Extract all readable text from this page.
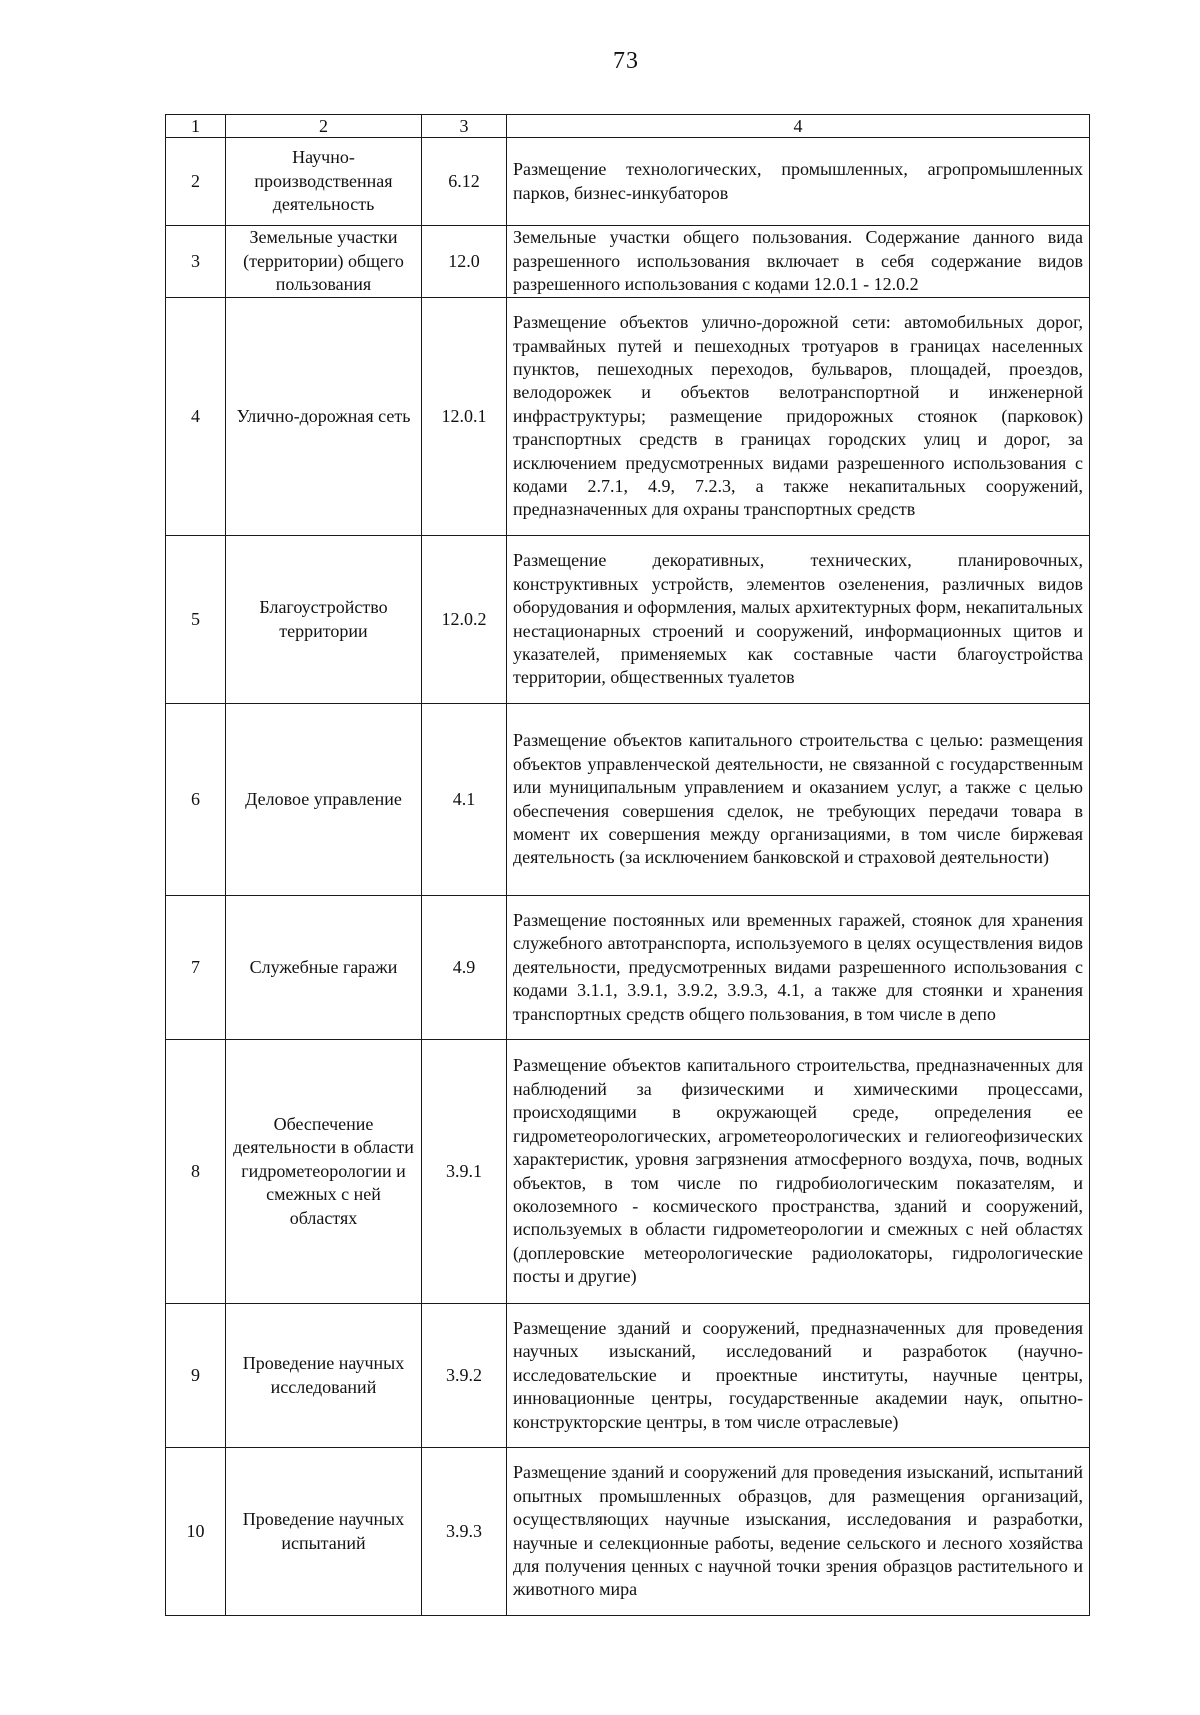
73
1	2	3	4
2	Научно-производственная деятельность	6.12	Размещение технологических, промышленных, агропромышленных парков, бизнес-инкубаторов
3	Земельные участки (территории) общего пользования	12.0	Земельные участки общего пользования. Содержание данного вида разрешенного использования включает в себя содержание видов разрешенного использования с кодами 12.0.1 - 12.0.2
4	Улично-дорожная сеть	12.0.1	Размещение объектов улично-дорожной сети: автомобильных дорог, трамвайных путей и пешеходных тротуаров в границах населенных пунктов, пешеходных переходов, бульваров, площадей, проездов, велодорожек и объектов велотранспортной и инженерной инфраструктуры; размещение придорожных стоянок (парковок) транспортных средств в границах городских улиц и дорог, за исключением предусмотренных видами разрешенного использования с кодами 2.7.1, 4.9, 7.2.3, а также некапитальных сооружений, предназначенных для охраны транспортных средств
5	Благоустройство территории	12.0.2	Размещение декоративных, технических, планировочных, конструктивных устройств, элементов озеленения, различных видов оборудования и оформления, малых архитектурных форм, некапитальных нестационарных строений и сооружений, информационных щитов и указателей, применяемых как составные части благоустройства территории, общественных туалетов
6	Деловое управление	4.1	Размещение объектов капитального строительства с целью: размещения объектов управленческой деятельности, не связанной с государственным или муниципальным управлением и оказанием услуг, а также с целью обеспечения совершения сделок, не требующих передачи товара в момент их совершения между организациями, в том числе биржевая деятельность (за исключением банковской и страховой деятельности)
7	Служебные гаражи	4.9	Размещение постоянных или временных гаражей, стоянок для хранения служебного автотранспорта, используемого в целях осуществления видов деятельности, предусмотренных видами разрешенного использования с кодами 3.1.1, 3.9.1, 3.9.2, 3.9.3, 4.1, а также для стоянки и хранения транспортных средств общего пользования, в том числе в депо
8	Обеспечение деятельности в области гидрометеорологии и смежных с ней областях	3.9.1	Размещение объектов капитального строительства, предназначенных для наблюдений за физическими и химическими процессами, происходящими в окружающей среде, определения ее гидрометеорологических, агрометеорологических и гелиогеофизических характеристик, уровня загрязнения атмосферного воздуха, почв, водных объектов, в том числе по гидробиологическим показателям, и околоземного - космического пространства, зданий и сооружений, используемых в области гидрометеорологии и смежных с ней областях (доплеровские метеорологические радиолокаторы, гидрологические посты и другие)
9	Проведение научных исследований	3.9.2	Размещение зданий и сооружений, предназначенных для проведения научных изысканий, исследований и разработок (научно-исследовательские и проектные институты, научные центры, инновационные центры, государственные академии наук, опытно-конструкторские центры, в том числе отраслевые)
10	Проведение научных испытаний	3.9.3	Размещение зданий и сооружений для проведения изысканий, испытаний опытных промышленных образцов, для размещения организаций, осуществляющих научные изыскания, исследования и разработки, научные и селекционные работы, ведение сельского и лесного хозяйства для получения ценных с научной точки зрения образцов растительного и животного мира
